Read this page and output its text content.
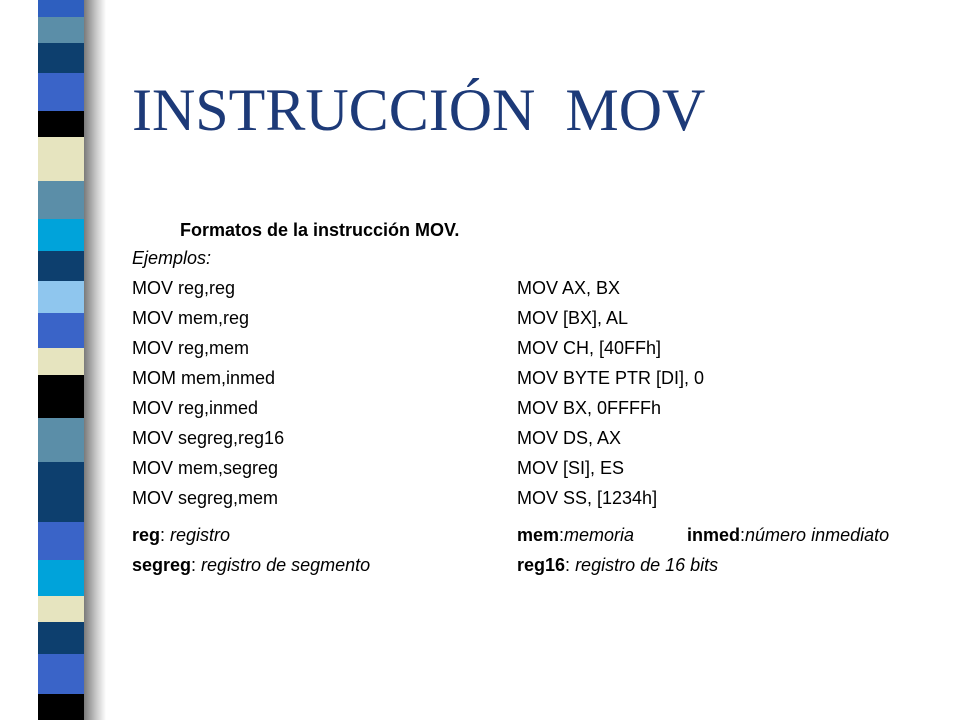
INSTRUCCIÓN  MOV
Formatos de la instrucción MOV.
Ejemplos:
MOV reg,reg	MOV AX, BX
MOV mem,reg	MOV [BX], AL
MOV reg,mem	MOV CH, [40FFh]
MOM mem,inmed	MOV BYTE PTR [DI], 0
MOV reg,inmed	MOV BX, 0FFFFh
MOV segreg,reg16	MOV DS, AX
MOV mem,segreg	MOV [SI], ES
MOV segreg,mem	MOV SS, [1234h]
reg: registro	mem:memoria	inmed:número inmediato
segreg: registro de segmento	reg16: registro de 16 bits
